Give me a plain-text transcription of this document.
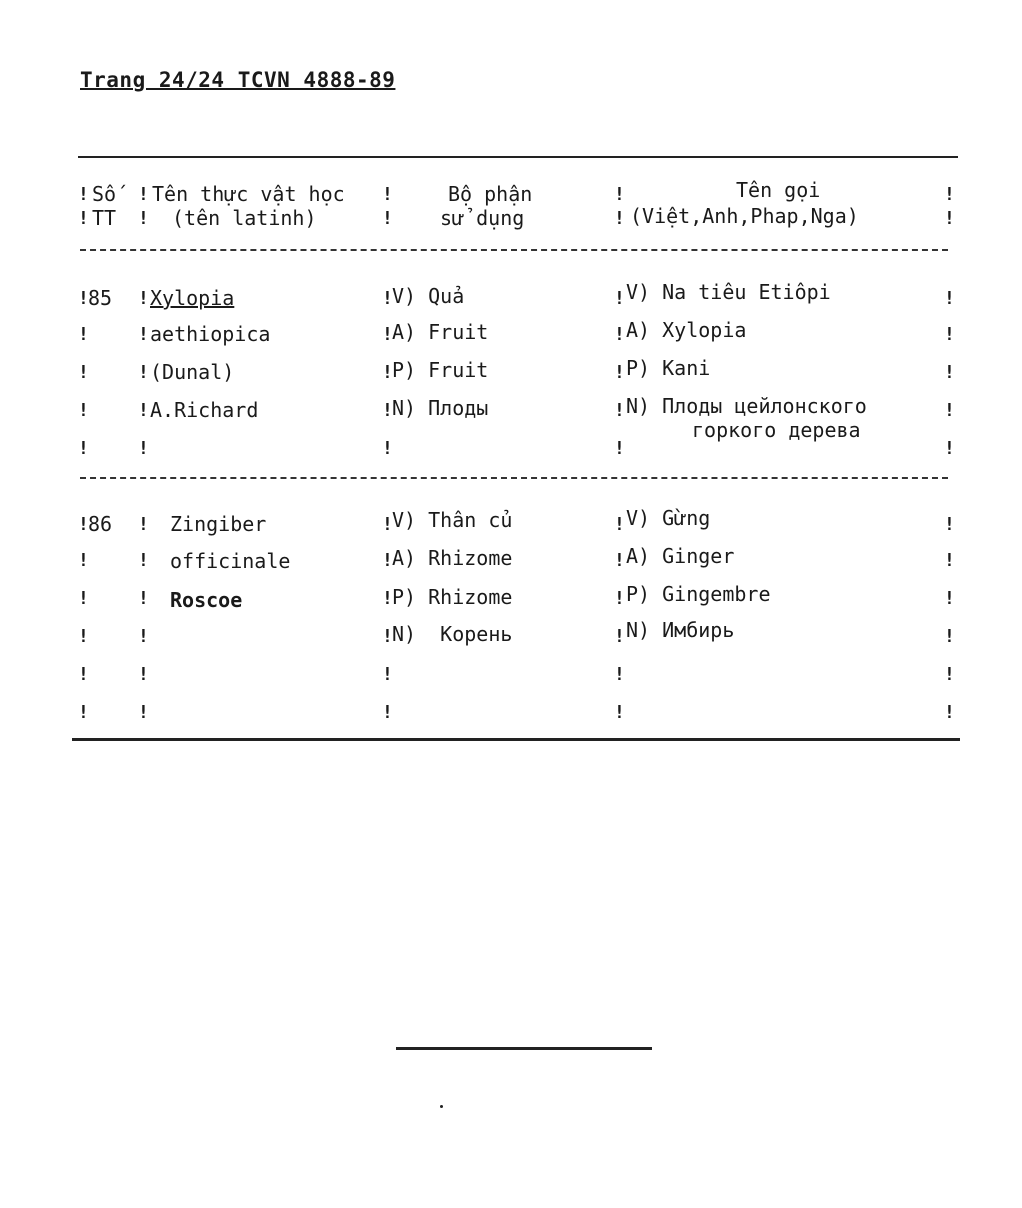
Trang 24/24 TCVN 4888-89
Số
TT
Tên thực vật học
(tên latinh)
Bộ phận
sử dụng
Tên gọi
(Việt,Anh,Phap,Nga)
85 Xylopia
aethiopica
(Dunal)
A.Richard
V) Quả
A) Fruit
P) Fruit
N) Плоды
V) Na tiêu Etiôpi
A) Xylopia
P) Kani
N) Плоды цейлонского
горкого дерева
86	Zingiber
officinale
Roscoe
V) Thân củ
A) Rhizome
P) Rhizome
N)  Корень
V) Gừng
A) Ginger
P) Gingembre
N) Имбирь
!
!
!
!
!
!
!
!
!
!
!
!
!
!
!
!
!
!
!
!
!
!
!
!
!
!
!
!
!
!
!
!
!
!
!
!
!
!
!
!
!
!
!
!
!
!
!
!
!
!
!
!
!
!
!
!
!
!
!
!
!
!
!
!
!
